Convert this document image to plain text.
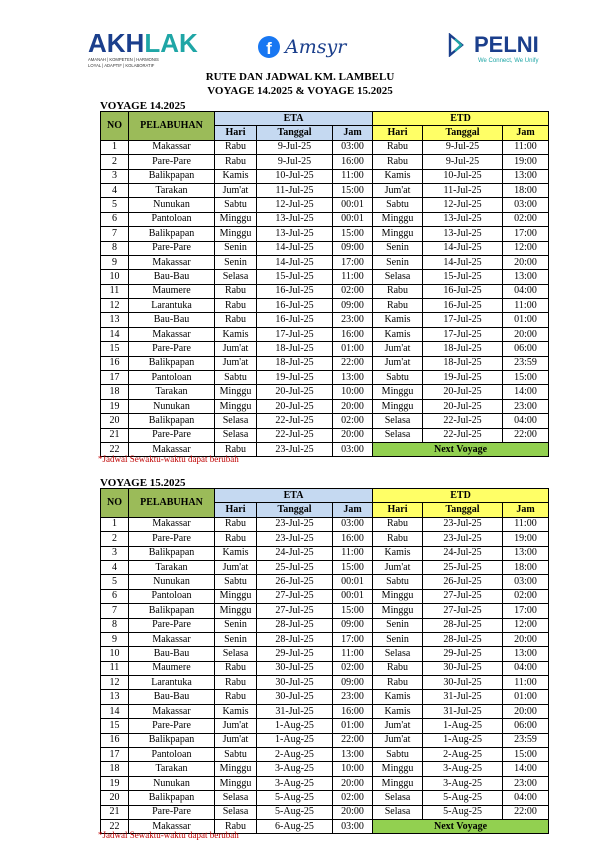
AKHLAK
AMANAH | KOMPETEN | HARMONIS
LOYAL | ADAPTIF | KOLABORATIF
f Amsyr	PELNI
We Connect, We Unify
RUTE DAN JADWAL KM. LAMBELU
VOYAGE 14.2025 & VOYAGE 15.2025
VOYAGE 14.2025
NO	PELABUHAN	ETA			ETD		
		Hari	Tanggal	Jam	Hari	Tanggal	Jam
1	Makassar	Rabu	9-Jul-25	03:00	Rabu	9-Jul-25	11:00
2	Pare-Pare	Rabu	9-Jul-25	16:00	Rabu	9-Jul-25	19:00
3	Balikpapan	Kamis	10-Jul-25	11:00	Kamis	10-Jul-25	13:00
4	Tarakan	Jum'at	11-Jul-25	15:00	Jum'at	11-Jul-25	18:00
5	Nunukan	Sabtu	12-Jul-25	00:01	Sabtu	12-Jul-25	03:00
6	Pantoloan	Minggu	13-Jul-25	00:01	Minggu	13-Jul-25	02:00
7	Balikpapan	Minggu	13-Jul-25	15:00	Minggu	13-Jul-25	17:00
8	Pare-Pare	Senin	14-Jul-25	09:00	Senin	14-Jul-25	12:00
9	Makassar	Senin	14-Jul-25	17:00	Senin	14-Jul-25	20:00
10	Bau-Bau	Selasa	15-Jul-25	11:00	Selasa	15-Jul-25	13:00
11	Maumere	Rabu	16-Jul-25	02:00	Rabu	16-Jul-25	04:00
12	Larantuka	Rabu	16-Jul-25	09:00	Rabu	16-Jul-25	11:00
13	Bau-Bau	Rabu	16-Jul-25	23:00	Kamis	17-Jul-25	01:00
14	Makassar	Kamis	17-Jul-25	16:00	Kamis	17-Jul-25	20:00
15	Pare-Pare	Jum'at	18-Jul-25	01:00	Jum'at	18-Jul-25	06:00
16	Balikpapan	Jum'at	18-Jul-25	22:00	Jum'at	18-Jul-25	23:59
17	Pantoloan	Sabtu	19-Jul-25	13:00	Sabtu	19-Jul-25	15:00
18	Tarakan	Minggu	20-Jul-25	10:00	Minggu	20-Jul-25	14:00
19	Nunukan	Minggu	20-Jul-25	20:00	Minggu	20-Jul-25	23:00
20	Balikpapan	Selasa	22-Jul-25	02:00	Selasa	22-Jul-25	04:00
21	Pare-Pare	Selasa	22-Jul-25	20:00	Selasa	22-Jul-25	22:00
22	Makassar	Rabu	23-Jul-25	03:00	Next Voyage		
*Jadwal Sewaktu-waktu dapat berubah
VOYAGE 15.2025
NO	PELABUHAN	ETA			ETD		
		Hari	Tanggal	Jam	Hari	Tanggal	Jam
1	Makassar	Rabu	23-Jul-25	03:00	Rabu	23-Jul-25	11:00
2	Pare-Pare	Rabu	23-Jul-25	16:00	Rabu	23-Jul-25	19:00
3	Balikpapan	Kamis	24-Jul-25	11:00	Kamis	24-Jul-25	13:00
4	Tarakan	Jum'at	25-Jul-25	15:00	Jum'at	25-Jul-25	18:00
5	Nunukan	Sabtu	26-Jul-25	00:01	Sabtu	26-Jul-25	03:00
6	Pantoloan	Minggu	27-Jul-25	00:01	Minggu	27-Jul-25	02:00
7	Balikpapan	Minggu	27-Jul-25	15:00	Minggu	27-Jul-25	17:00
8	Pare-Pare	Senin	28-Jul-25	09:00	Senin	28-Jul-25	12:00
9	Makassar	Senin	28-Jul-25	17:00	Senin	28-Jul-25	20:00
10	Bau-Bau	Selasa	29-Jul-25	11:00	Selasa	29-Jul-25	13:00
11	Maumere	Rabu	30-Jul-25	02:00	Rabu	30-Jul-25	04:00
12	Larantuka	Rabu	30-Jul-25	09:00	Rabu	30-Jul-25	11:00
13	Bau-Bau	Rabu	30-Jul-25	23:00	Kamis	31-Jul-25	01:00
14	Makassar	Kamis	31-Jul-25	16:00	Kamis	31-Jul-25	20:00
15	Pare-Pare	Jum'at	1-Aug-25	01:00	Jum'at	1-Aug-25	06:00
16	Balikpapan	Jum'at	1-Aug-25	22:00	Jum'at	1-Aug-25	23:59
17	Pantoloan	Sabtu	2-Aug-25	13:00	Sabtu	2-Aug-25	15:00
18	Tarakan	Minggu	3-Aug-25	10:00	Minggu	3-Aug-25	14:00
19	Nunukan	Minggu	3-Aug-25	20:00	Minggu	3-Aug-25	23:00
20	Balikpapan	Selasa	5-Aug-25	02:00	Selasa	5-Aug-25	04:00
21	Pare-Pare	Selasa	5-Aug-25	20:00	Selasa	5-Aug-25	22:00
22	Makassar	Rabu	6-Aug-25	03:00	Next Voyage		
*Jadwal Sewaktu-waktu dapat berubah
